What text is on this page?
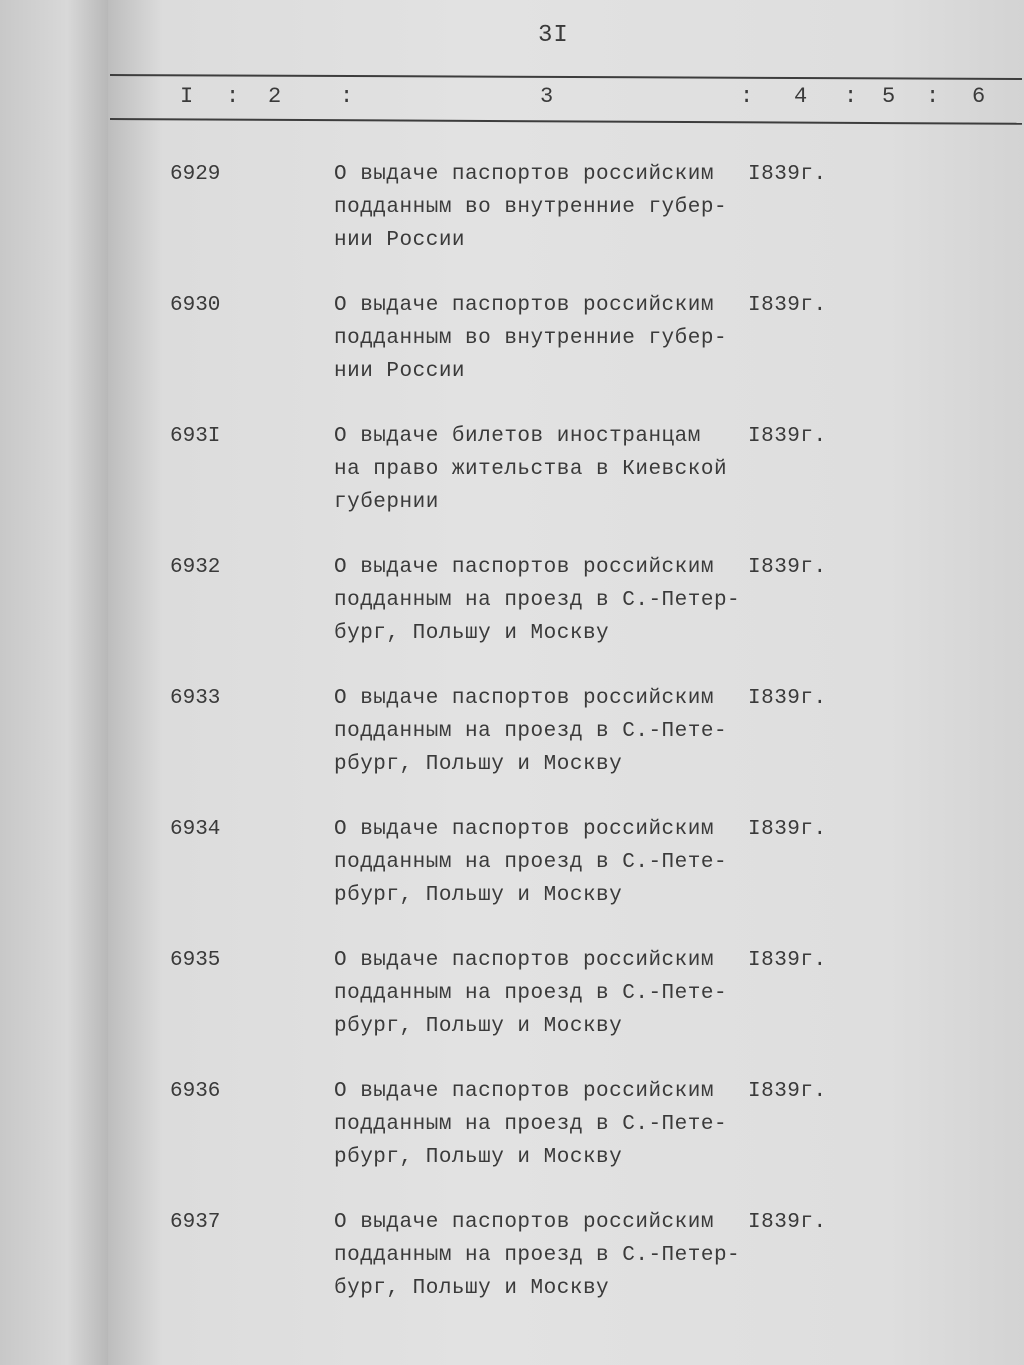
3I
I : 2	:	3	: 4 : 5 : 6
6929	О выдаче паспортов российским
подданным во внутренние губер-
нии России
I839г.
6930	О выдаче паспортов российским
подданным во внутренние губер-
нии России
I839г.
693I	О выдаче билетов иностранцам
на право жительства в Киевской
губернии
I839г.
6932	О выдаче паспортов российским
подданным на проезд в С.-Петер-
бург, Польшу и Москву
I839г.
6933	О выдаче паспортов российским
подданным на проезд в С.-Пете-
рбург, Польшу и Москву
I839г.
6934	О выдаче паспортов российским
подданным на проезд в С.-Пете-
рбург, Польшу и Москву
I839г.
6935	О выдаче паспортов российским
подданным на проезд в С.-Пете-
рбург, Польшу и Москву
I839г.
6936	О выдаче паспортов российским
подданным на проезд в С.-Пете-
рбург, Польшу и Москву
I839г.
6937	О выдаче паспортов российским
подданным на проезд в С.-Петер-
бург, Польшу и Москву
I839г.
